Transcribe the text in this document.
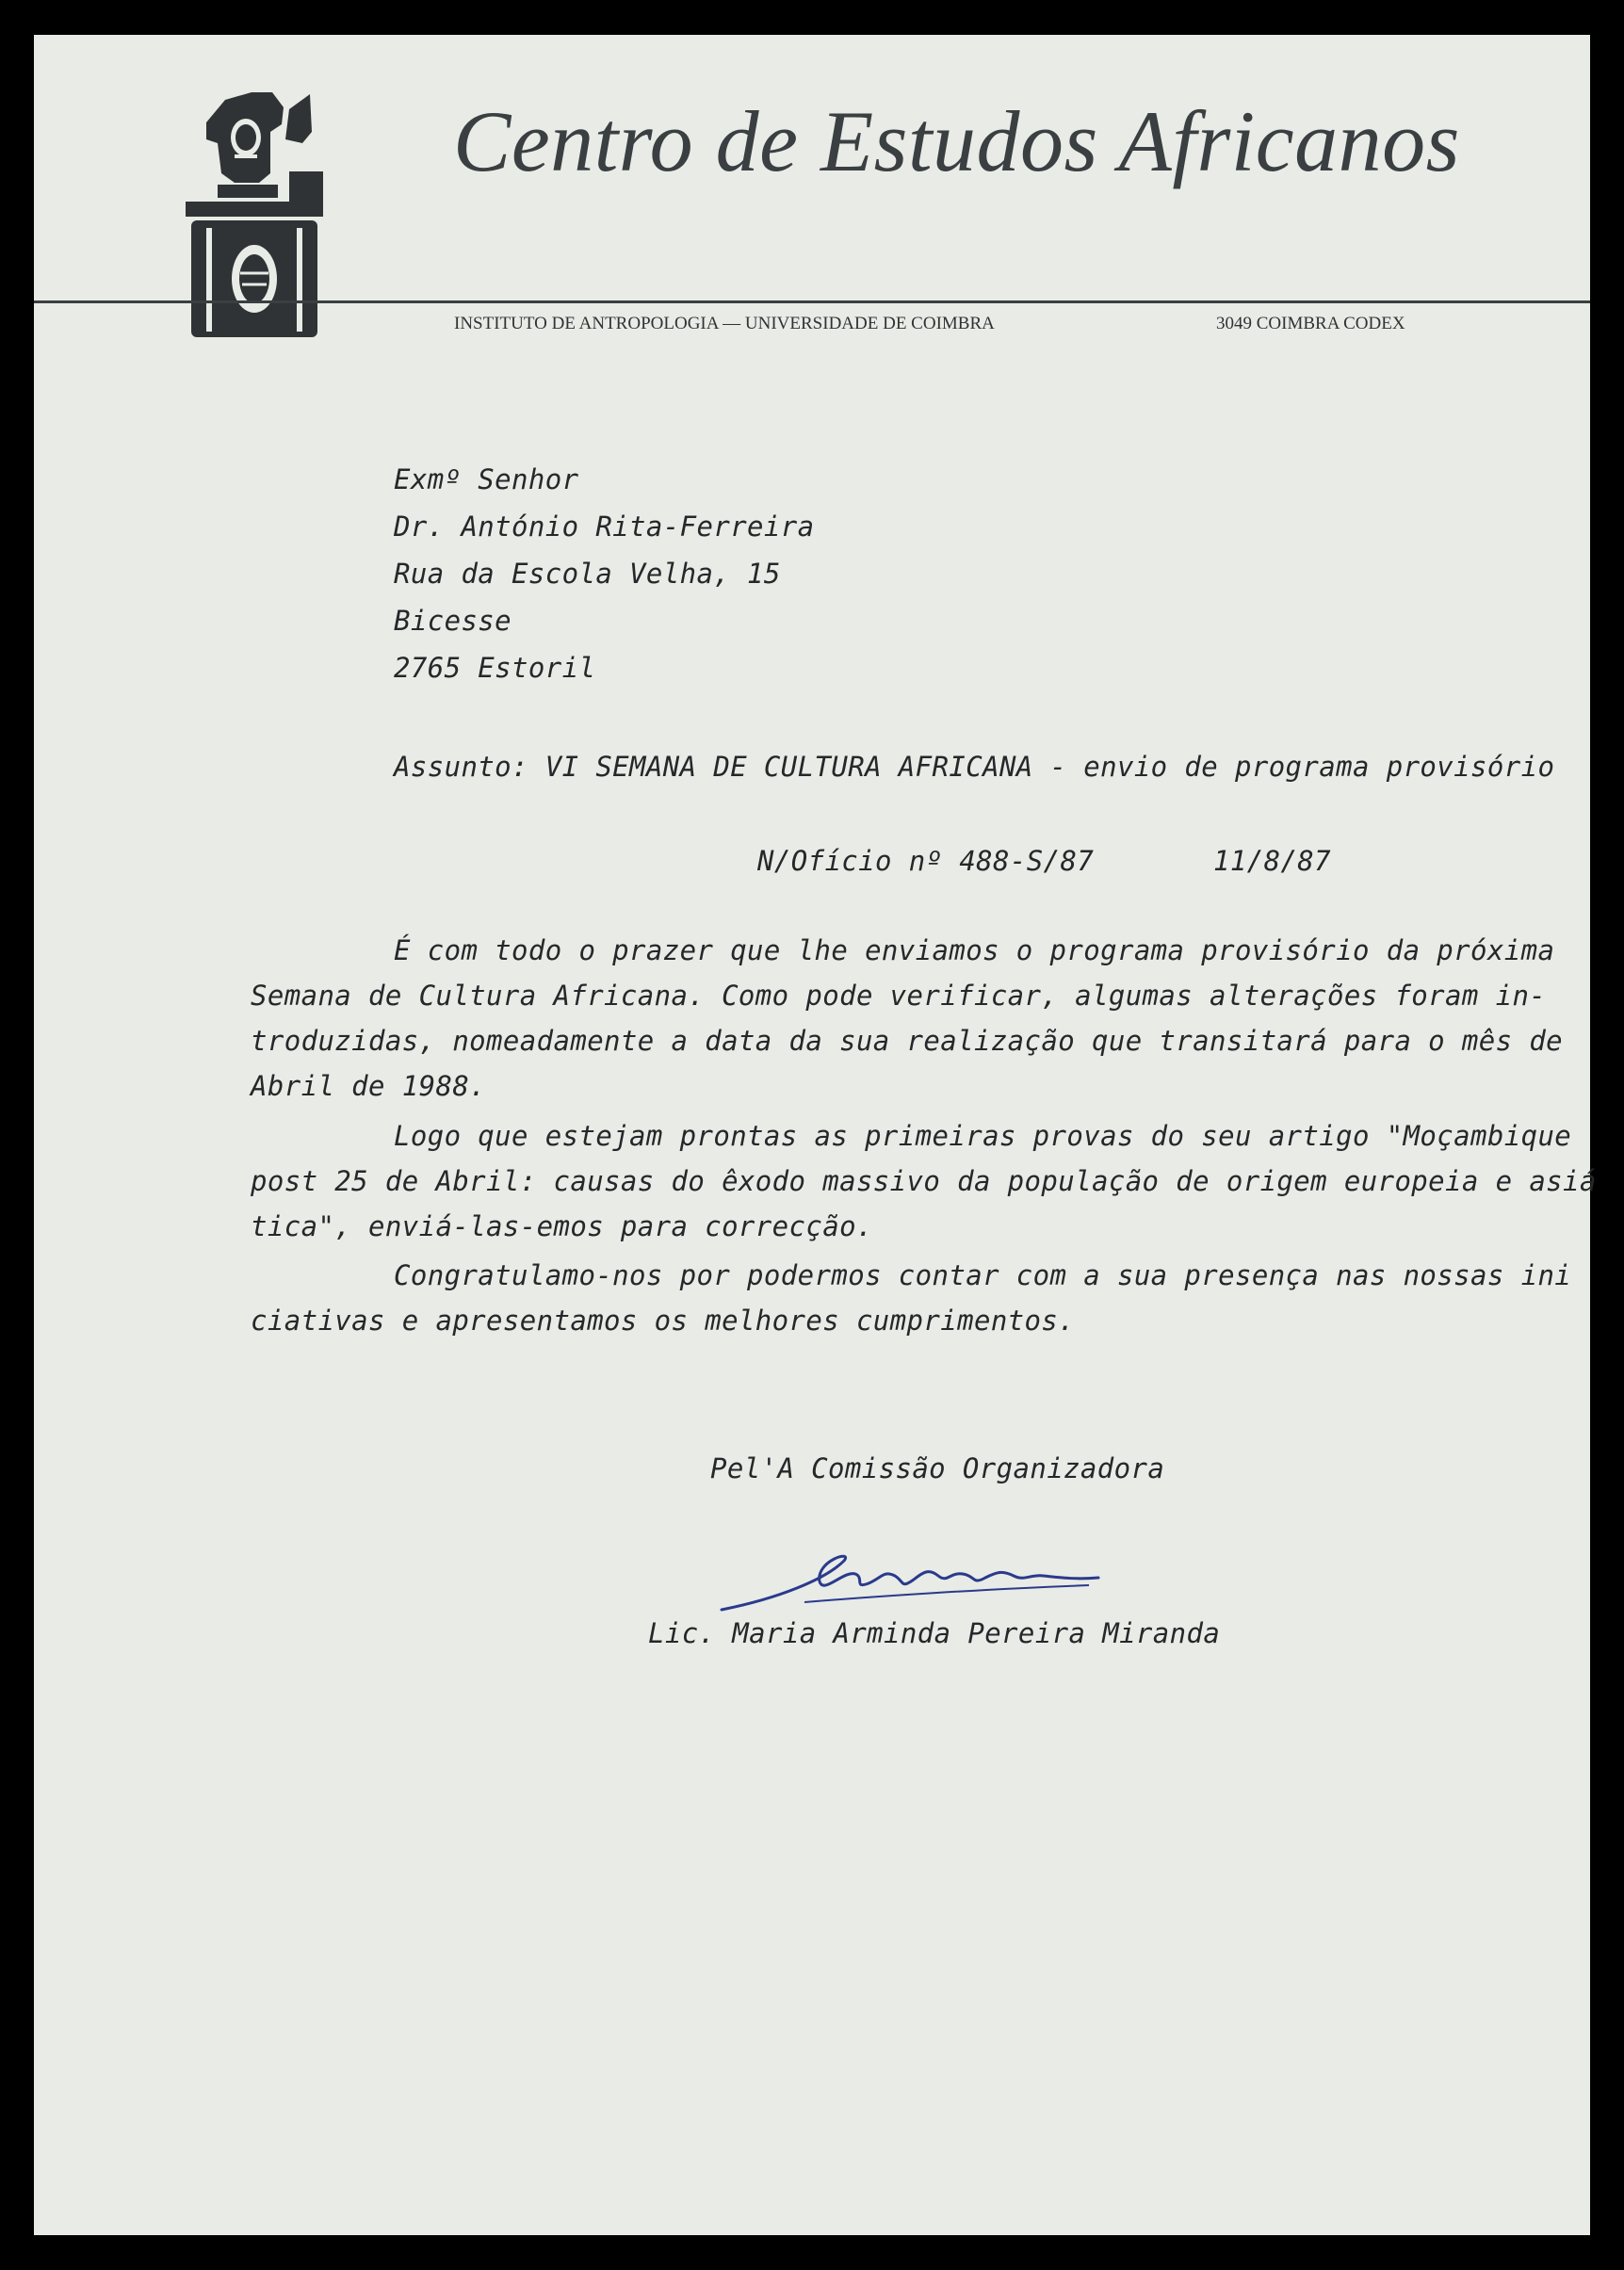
Centro de Estudos Africanos
INSTITUTO DE ANTROPOLOGIA — UNIVERSIDADE DE COIMBRA	3049 COIMBRA CODEX
Exmº Senhor
Dr. António Rita-Ferreira
Rua da Escola Velha, 15
Bicesse
2765 Estoril
Assunto: VI SEMANA DE CULTURA AFRICANA - envio de programa provisório
N/Ofício nº 488-S/87	11/8/87
É com todo o prazer que lhe enviamos o programa provisório da próxima
Semana de Cultura Africana. Como pode verificar, algumas alterações foram in-
troduzidas, nomeadamente a data da sua realização que transitará para o mês de
Abril de 1988.
Logo que estejam prontas as primeiras provas do seu artigo "Moçambique
post 25 de Abril: causas do êxodo massivo da população de origem europeia e asiá
tica", enviá-las-emos para correcção.
Congratulamo-nos por podermos contar com a sua presença nas nossas ini
ciativas e apresentamos os melhores cumprimentos.
Pel'A Comissão Organizadora
Lic. Maria Arminda Pereira Miranda
